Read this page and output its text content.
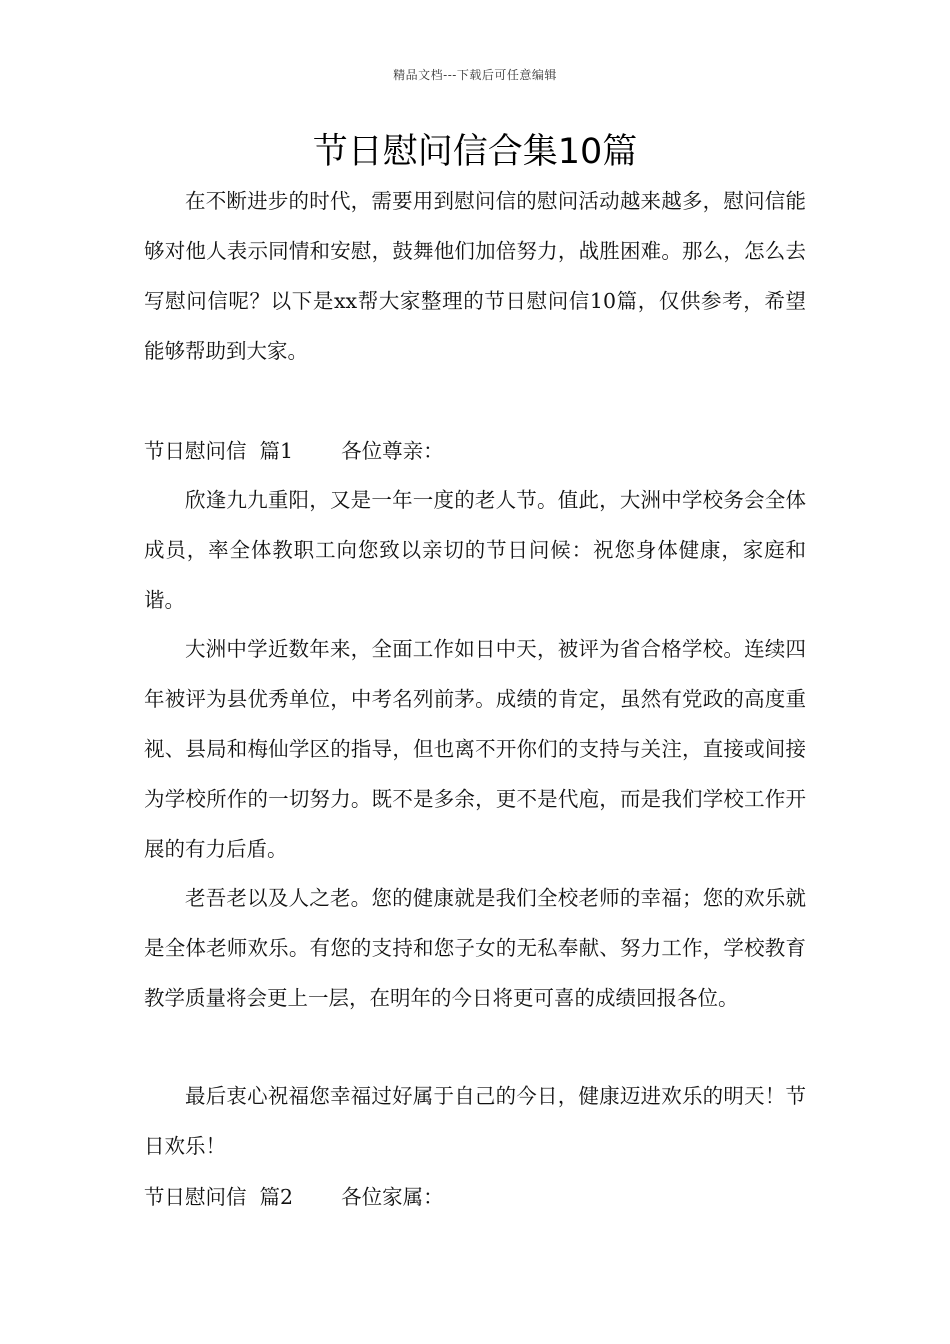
精品文档---下载后可任意编辑
节日慰问信合集10篇

在不断进步的时代，需要用到慰问信的慰问活动越来越多，慰问信能够对他人表示同情和安慰，鼓舞他们加倍努力，战胜困难。那么，怎么去写慰问信呢？以下是xx帮大家整理的节日慰问信10篇，仅供参考，希望能够帮助到大家。

节日慰问信  篇1 各位尊亲：

欣逢九九重阳，又是一年一度的老人节。值此，大洲中学校务会全体成员，率全体教职工向您致以亲切的节日问候：祝您身体健康，家庭和谐。

大洲中学近数年来，全面工作如日中天，被评为省合格学校。连续四年被评为县优秀单位，中考名列前茅。成绩的肯定，虽然有党政的高度重视、县局和梅仙学区的指导，但也离不开你们的支持与关注，直接或间接为学校所作的一切努力。既不是多余，更不是代庖，而是我们学校工作开展的有力后盾。

老吾老以及人之老。您的健康就是我们全校老师的幸福；您的欢乐就是全体老师欢乐。有您的支持和您子女的无私奉献、努力工作，学校教育教学质量将会更上一层，在明年的今日将更可喜的成绩回报各位。

最后衷心祝福您幸福过好属于自己的今日，健康迈进欢乐的明天！节日欢乐！

节日慰问信  篇2 各位家属：
